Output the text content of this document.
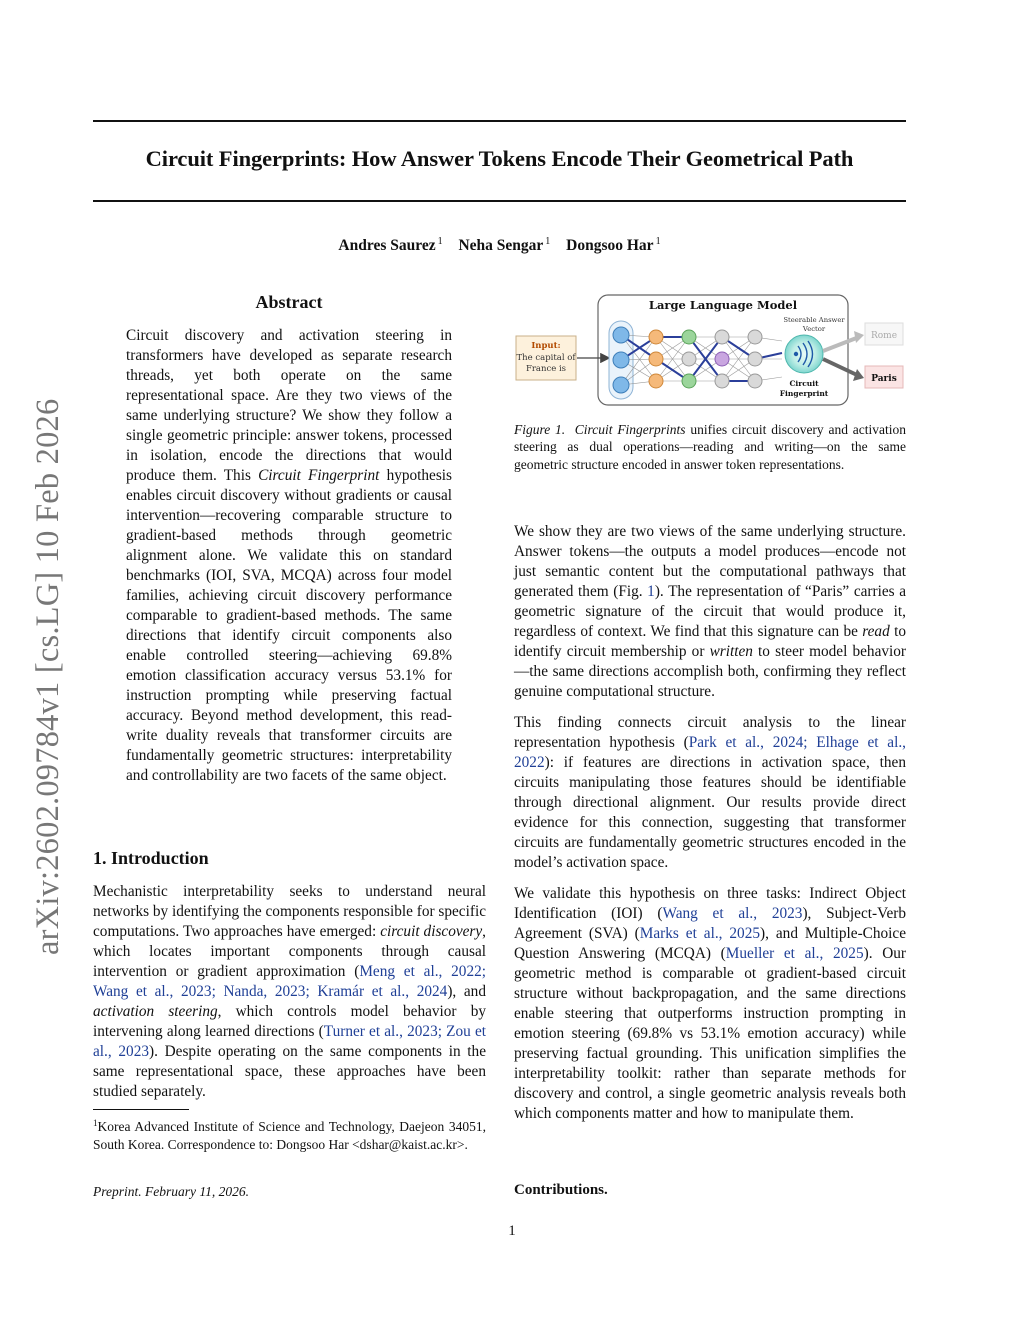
Circuit Fingerprints: How Answer Tokens Encode Their Geometrical Path
Andres Saurez $^1$ Neha Sengar $^1$ Dongsoo Har $^1$
arXiv:2602.09784v1 [cs.LG] 10 Feb 2026
Abstract

Circuit discovery and activation steering in transformers have developed as separate research threads, yet both operate on the same representational space. Are they two views of the same underlying structure? We show they follow a single geometric principle: answer tokens, processed in isolation, encode the directions that would produce them. This Circuit Fingerprint hypothesis enables circuit discovery without gradients or causal intervention—recovering comparable structure to gradient-based methods through geometric alignment alone. We validate this on standard benchmarks (IOI, SVA, MCQA) across four model families, achieving circuit discovery performance comparable to gradient-based methods. The same directions that identify circuit components also enable controlled steering—achieving 69.8% emotion classification accuracy versus 53.1% for instruction prompting while preserving factual accuracy. Beyond method development, this read-write duality reveals that transformer circuits are fundamentally geometric structures: interpretability and controllability are two facets of the same object.

1. Introduction

Mechanistic interpretability seeks to understand neural networks by identifying the components responsible for specific computations. Two approaches have emerged: circuit discovery, which locates important components through causal intervention or gradient approximation (Meng et al., 2022; Wang et al., 2023; Nanda, 2023; Kramár et al., 2024), and activation steering, which controls model behavior by intervening along learned directions (Turner et al., 2023; Zou et al., 2023). Despite operating on the same components in the same representational space, these approaches have been studied separately.

$^1$Korea Advanced Institute of Science and Technology, Daejeon 34051, South Korea. Correspondence to: Dongsoo Har <dshar@kaist.ac.kr>.
Preprint. February 11, 2026.
Large Language Model
Input:
The capital of
France is
Steerable Answer
Vector
Circuit
Fingerprint
Rome
Paris
Figure 1. Circuit Fingerprints unifies circuit discovery and activation steering as dual operations—reading and writing—on the same geometric structure encoded in answer token representations.

We show they are two views of the same underlying structure. Answer tokens—the outputs a model produces—encode not just semantic content but the computational pathways that generated them (Fig. 1). The representation of “Paris” carries a geometric signature of the circuit that would produce it, regardless of context. We find that this signature can be read to identify circuit membership or written to steer model behavior—the same directions accomplish both, confirming they reflect genuine computational structure.

This finding connects circuit analysis to the linear representation hypothesis (Park et al., 2024; Elhage et al., 2022): if features are directions in activation space, then circuits manipulating those features should be identifiable through directional alignment. Our results provide direct evidence for this connection, suggesting that transformer circuits are fundamentally geometric structures encoded in the model’s activation space.

We validate this hypothesis on three tasks: Indirect Object Identification (IOI) (Wang et al., 2023), Subject-Verb Agreement (SVA) (Marks et al., 2025), and Multiple-Choice Question Answering (MCQA) (Mueller et al., 2025). Our geometric method is comparable ot gradient-based circuit structure without backpropagation, and the same directions enable steering that outperforms instruction prompting in emotion steering (69.8% vs 53.1% emotion accuracy) while preserving factual grounding. This unification simplifies the interpretability toolkit: rather than separate methods for discovery and control, a single geometric analysis reveals both which components matter and how to manipulate them.

Contributions.
1
